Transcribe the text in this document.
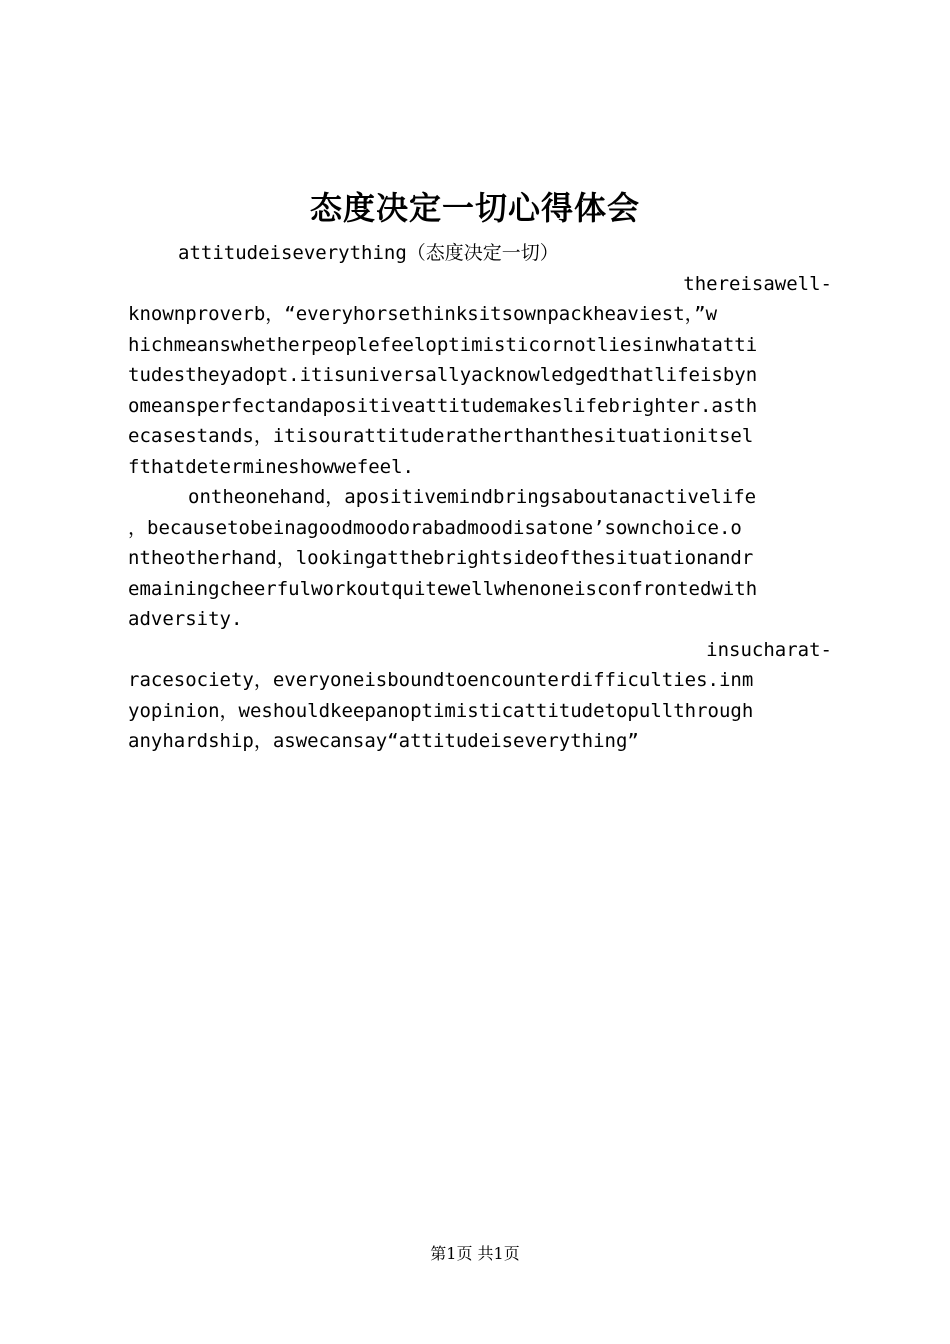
态度决定一切心得体会
attitudeiseverything（态度决定一切）
thereisawell-
knownproverb，“everyhorsethinksitsownpackheaviest，”w
hichmeanswhetherpeoplefeeloptimisticornotliesinwhatatti
tudestheyadopt.itisuniversallyacknowledgedthatlifeisbyn
omeansperfectandapositiveattitudemakeslifebrighter.asth
ecasestands，itisourattituderatherthanthesituationitsel
fthatdetermineshowwefeel.
ontheonehand，apositivemindbringsaboutanactivelife
，becausetobeinagoodmoodorabadmoodisatone’sownchoice.o
ntheotherhand，lookingatthebrightsideofthesituationandr
emainingcheerfulworkoutquitewellwhenoneisconfrontedwith
adversity.
insucharat-
racesociety，everyoneisboundtoencounterdifficulties.inm
yopinion，weshouldkeepanoptimisticattitudetopullthrough
anyhardship，aswecansay“attitudeiseverything”
第1页 共1页
